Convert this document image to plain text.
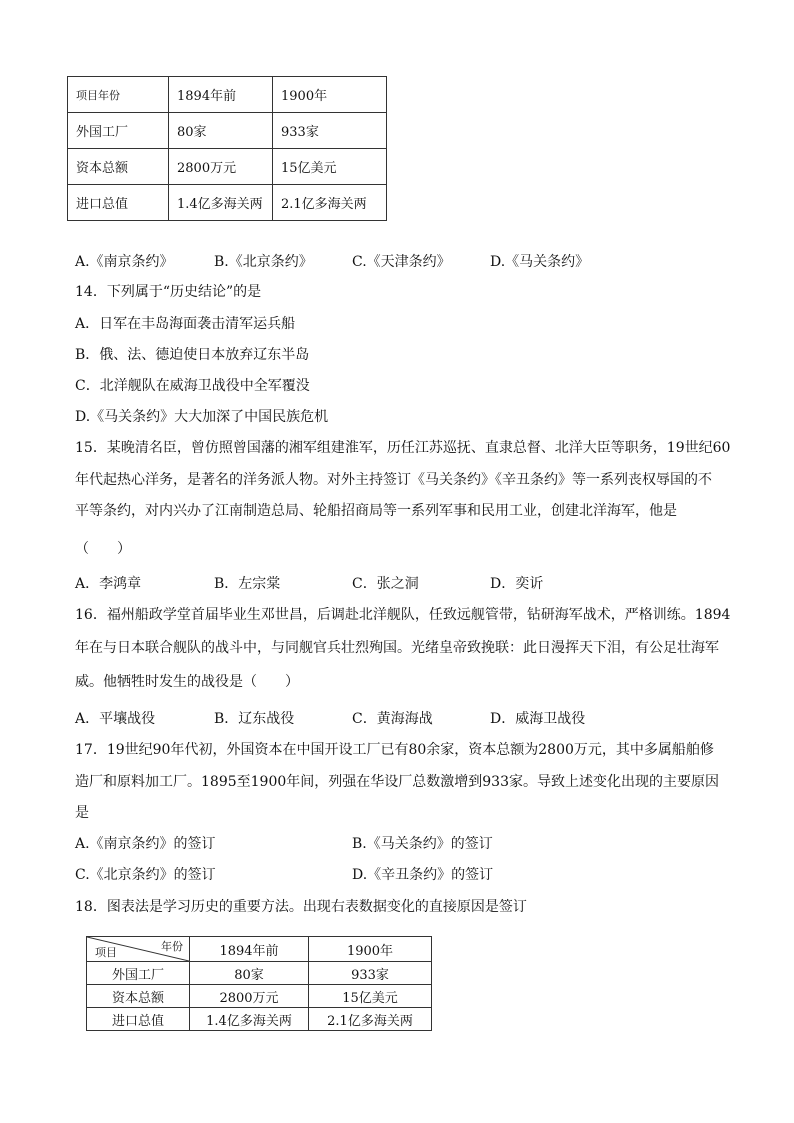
项目年份	1894年前	1900年
外国工厂	80家	933家
资本总额	2800万元	15亿美元
进口总值	1.4亿多海关两	2.1亿多海关两
A.《南京条约》	B.《北京条约》	C.《天津条约》	D.《马关条约》
14．下列属于“历史结论”的是
A．日军在丰岛海面袭击清军运兵船
B．俄、法、德迫使日本放弃辽东半岛
C．北洋舰队在威海卫战役中全军覆没
D.《马关条约》大大加深了中国民族危机
15．某晚清名臣，曾仿照曾国藩的湘军组建淮军，历任江苏巡抚、直隶总督、北洋大臣等职务，19世纪60
年代起热心洋务，是著名的洋务派人物。对外主持签订《马关条约》《辛丑条约》等一系列丧权辱国的不
平等条约，对内兴办了江南制造总局、轮船招商局等一系列军事和民用工业，创建北洋海军，他是
（　　）
A．李鸿章	B．左宗棠	C．张之洞	D．奕䜣
16．福州船政学堂首届毕业生邓世昌，后调赴北洋舰队，任致远舰管带，钻研海军战术，严格训练。1894
年在与日本联合舰队的战斗中，与同舰官兵壮烈殉国。光绪皇帝致挽联：此日漫挥天下泪，有公足壮海军
威。他牺牲时发生的战役是（　　）
A．平壤战役	B．辽东战役	C．黄海海战	D．威海卫战役
17．19世纪90年代初，外国资本在中国开设工厂已有80余家，资本总额为2800万元，其中多属船舶修
造厂和原料加工厂。1895至1900年间，列强在华设厂总数激增到933家。导致上述变化出现的主要原因
是
A.《南京条约》的签订	B.《马关条约》的签订
C.《北京条约》的签订	D.《辛丑条约》的签订
18．图表法是学习历史的重要方法。出现右表数据变化的直接原因是签订
年份
项目	1894年前	1900年
外国工厂	80家	933家
资本总额	2800万元	15亿美元
进口总值	1.4亿多海关两	2.1亿多海关两
